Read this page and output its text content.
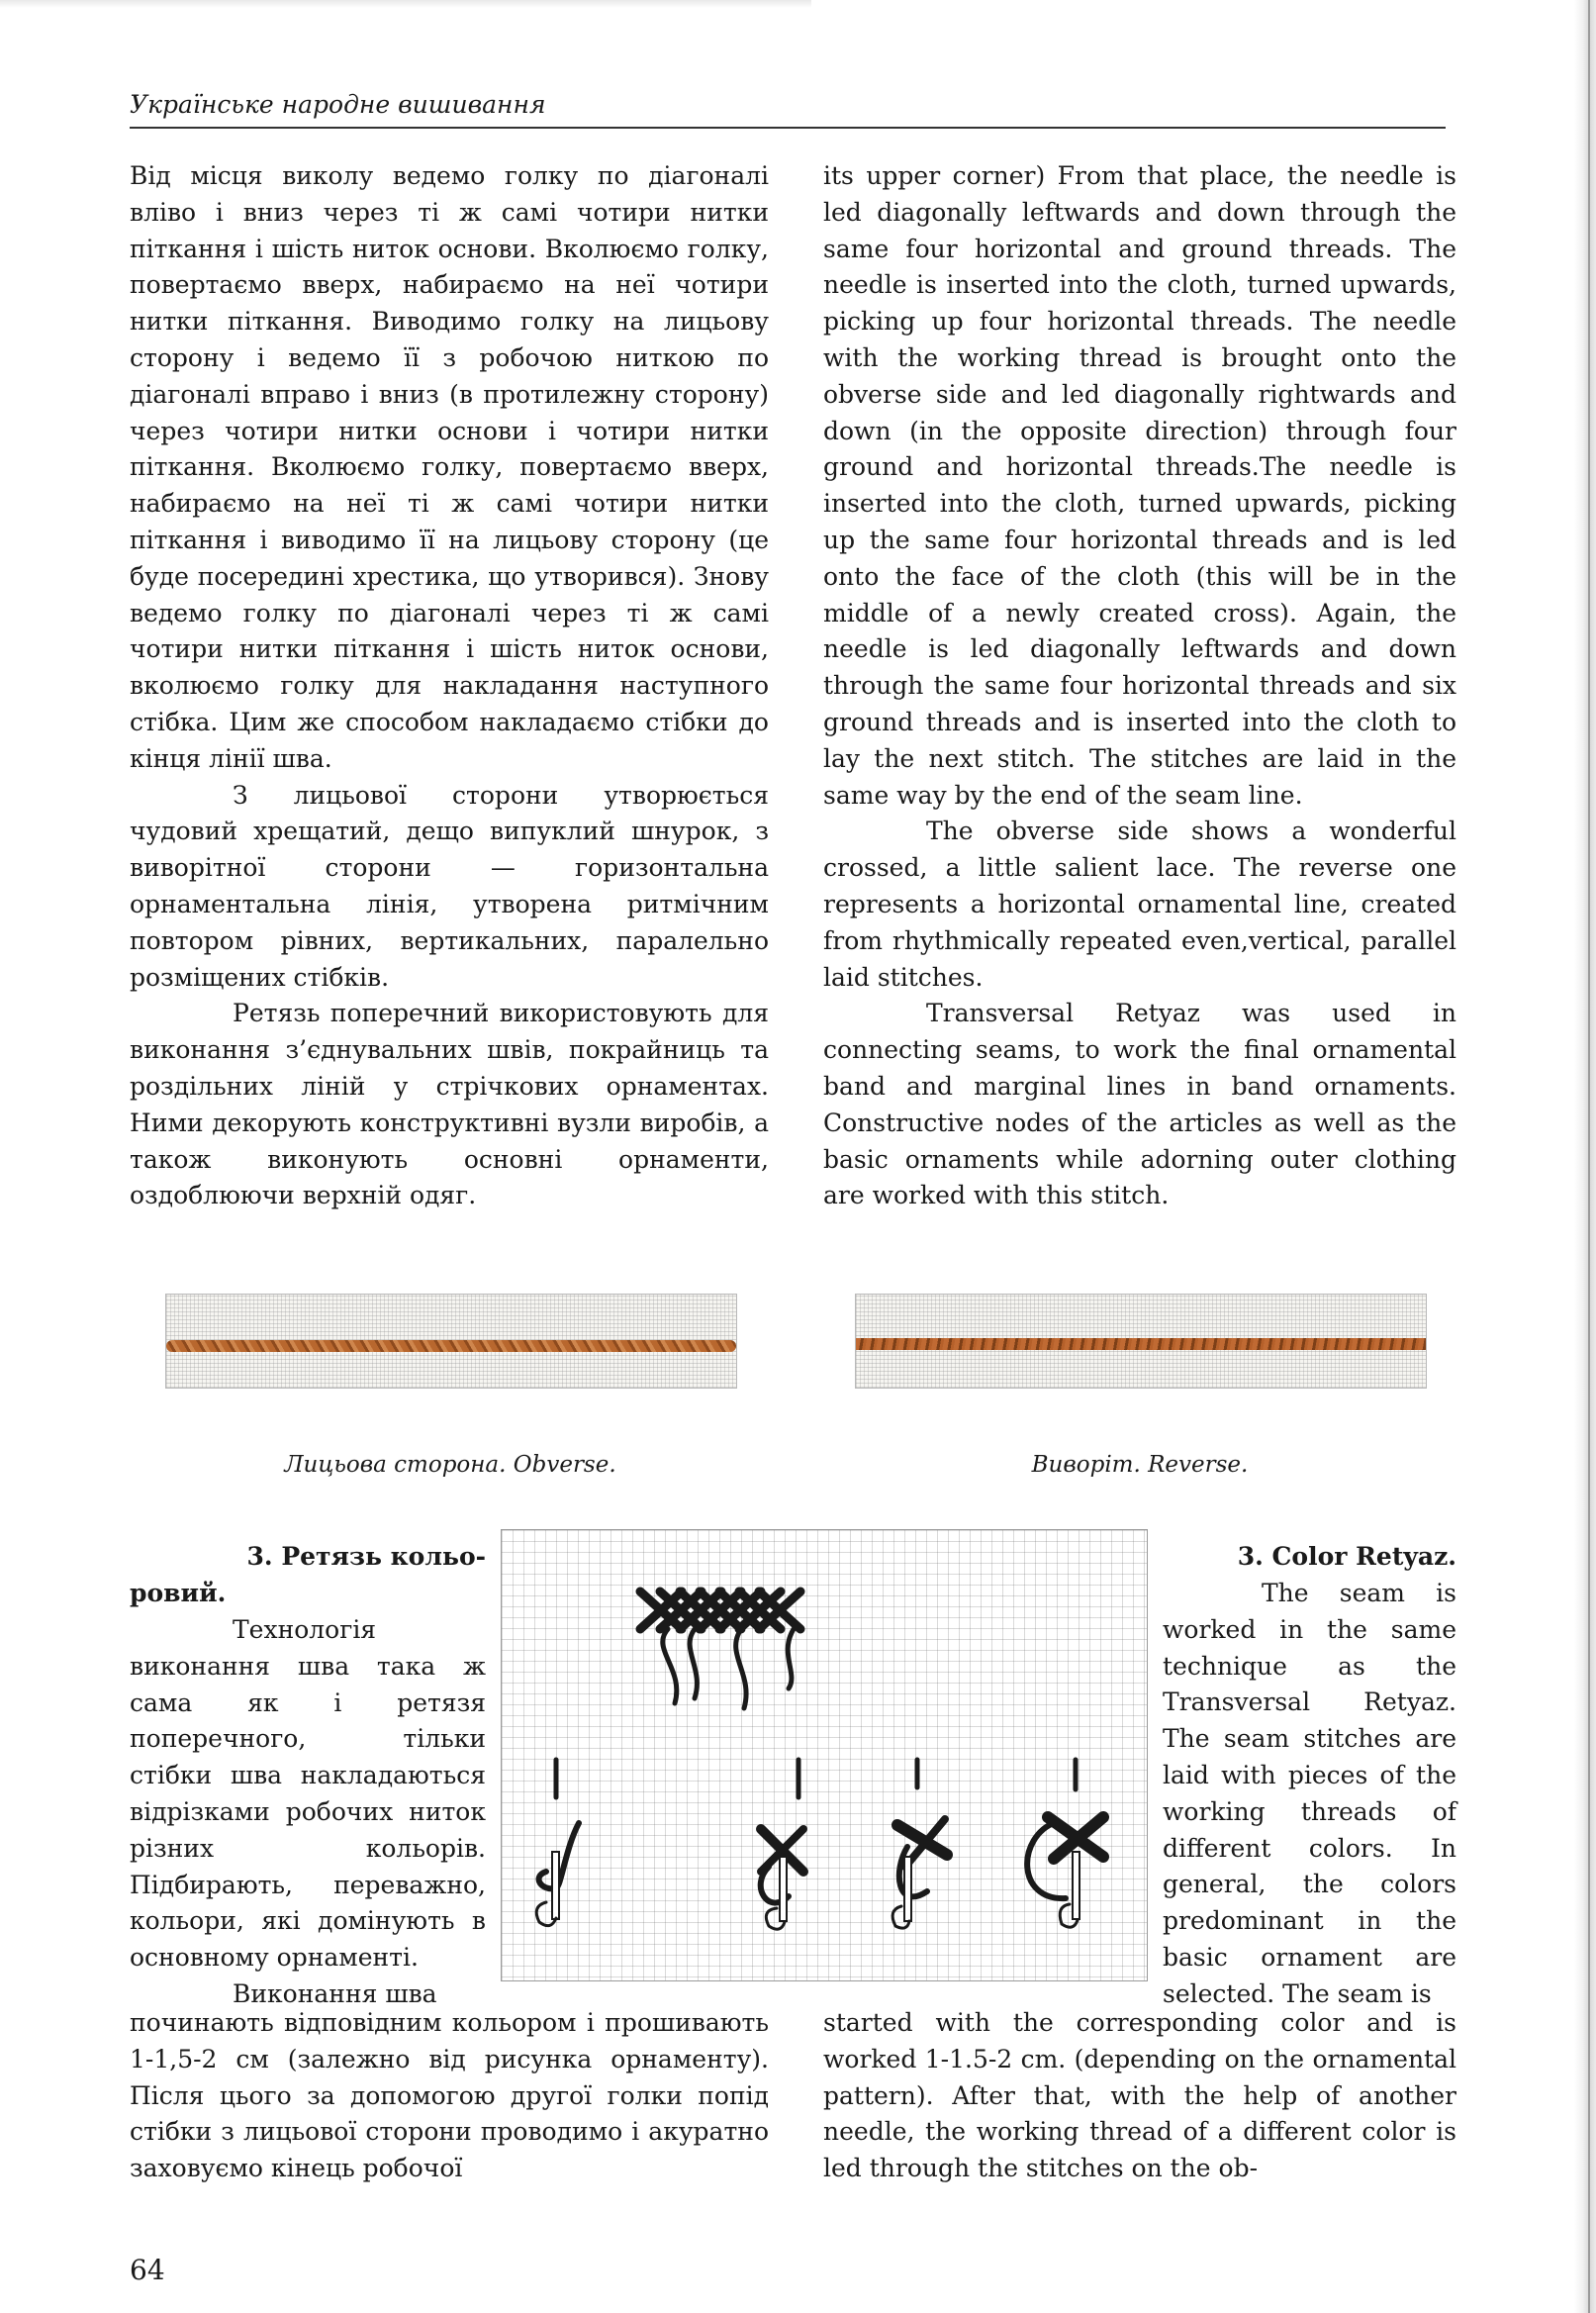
Українське народне вишивання

Від місця виколу ведемо голку по діагоналі вліво і вниз через ті ж самі чотири нитки піткання і шість ниток основи. Вколюємо голку, повертаємо вверх, набираємо на неї чотири нитки піткання. Виводимо голку на лицьову сторону і ведемо її з робочою ниткою по діагоналі вправо і вниз (в протилежну сторону) через чотири нитки основи і чотири нитки піткання. Вколюємо голку, повертаємо вверх, набираємо на неї ті ж самі чотири нитки піткання і виводимо її на лицьову сторону (це буде посередині хрестика, що утворився). Знову ведемо голку по діагоналі через ті ж самі чотири нитки піткання і шість ниток основи, вколюємо голку для накладання наступного стібка. Цим же способом накладаємо стібки до кінця лінії шва.

З лицьової сторони утворюється чудовий хрещатий, дещо випуклий шнурок, з виворітної сторони — горизонтальна орнаментальна лінія, утворена ритмічним повтором рівних, вертикальних, паралельно розміщених стібків.

Ретязь поперечний використовують для виконання з’єднувальних швів, покрайниць та роздільних ліній у стрічкових орнаментах. Ними декорують конструктивні вузли виробів, а також виконують основні орнаменти, оздоблюючи верхній одяг.

its upper corner) From that place, the needle is led diagonally leftwards and down through the same four horizontal and ground threads. The needle is inserted into the cloth, turned upwards, picking up four horizontal threads. The needle with the working thread is brought onto the obverse side and led diagonally rightwards and down (in the opposite direction) through four ground and horizontal threads.The needle is inserted into the cloth, turned upwards, picking up the same four horizontal threads and is led onto the face of the cloth (this will be in the middle of a newly created cross). Again, the needle is led diagonally leftwards and down through the same four horizontal threads and six ground threads and is inserted into the cloth to lay the next stitch. The stitches are laid in the same way by the end of the seam line.

The obverse side shows a wonderful crossed, a little salient lace. The reverse one represents a horizontal ornamental line, created from rhythmically repeated even,vertical, parallel laid stitches.

Transversal Retyaz was used in connecting seams, to work the final ornamental band and marginal lines in band ornaments. Constructive nodes of the articles as well as the basic ornaments while adorning outer clothing are worked with this stitch.

Лицьова сторона. Obverse.	Виворіт. Reverse.
3. Ретязь кольо-
ровий.

Технологія виконання шва така ж сама як і ретязя поперечного, тільки стібки шва накладаються відрізками робочих ниток різних кольорів. Підбирають, переважно, кольори, які домінують в основному орнаменті.

Виконання шва

починають відповідним кольором і прошивають 1-1,5-2 см (залежно від рисунка орнаменту). Після цього за допомогою другої голки попід стібки з лицьової сторони проводимо і акуратно заховуємо кінець робочої

3. Color Retyaz.

The seam is worked in the same technique as the Transversal Retyaz. The seam stitches are laid with pieces of the working threads of different colors. In general, the colors predominant in the basic ornament are selected. The seam is

started with the corresponding color and is worked 1-1.5-2 cm. (depending on the ornamental pattern). After that, with the help of another needle, the working thread of a different color is led through the stitches on the ob-

64
